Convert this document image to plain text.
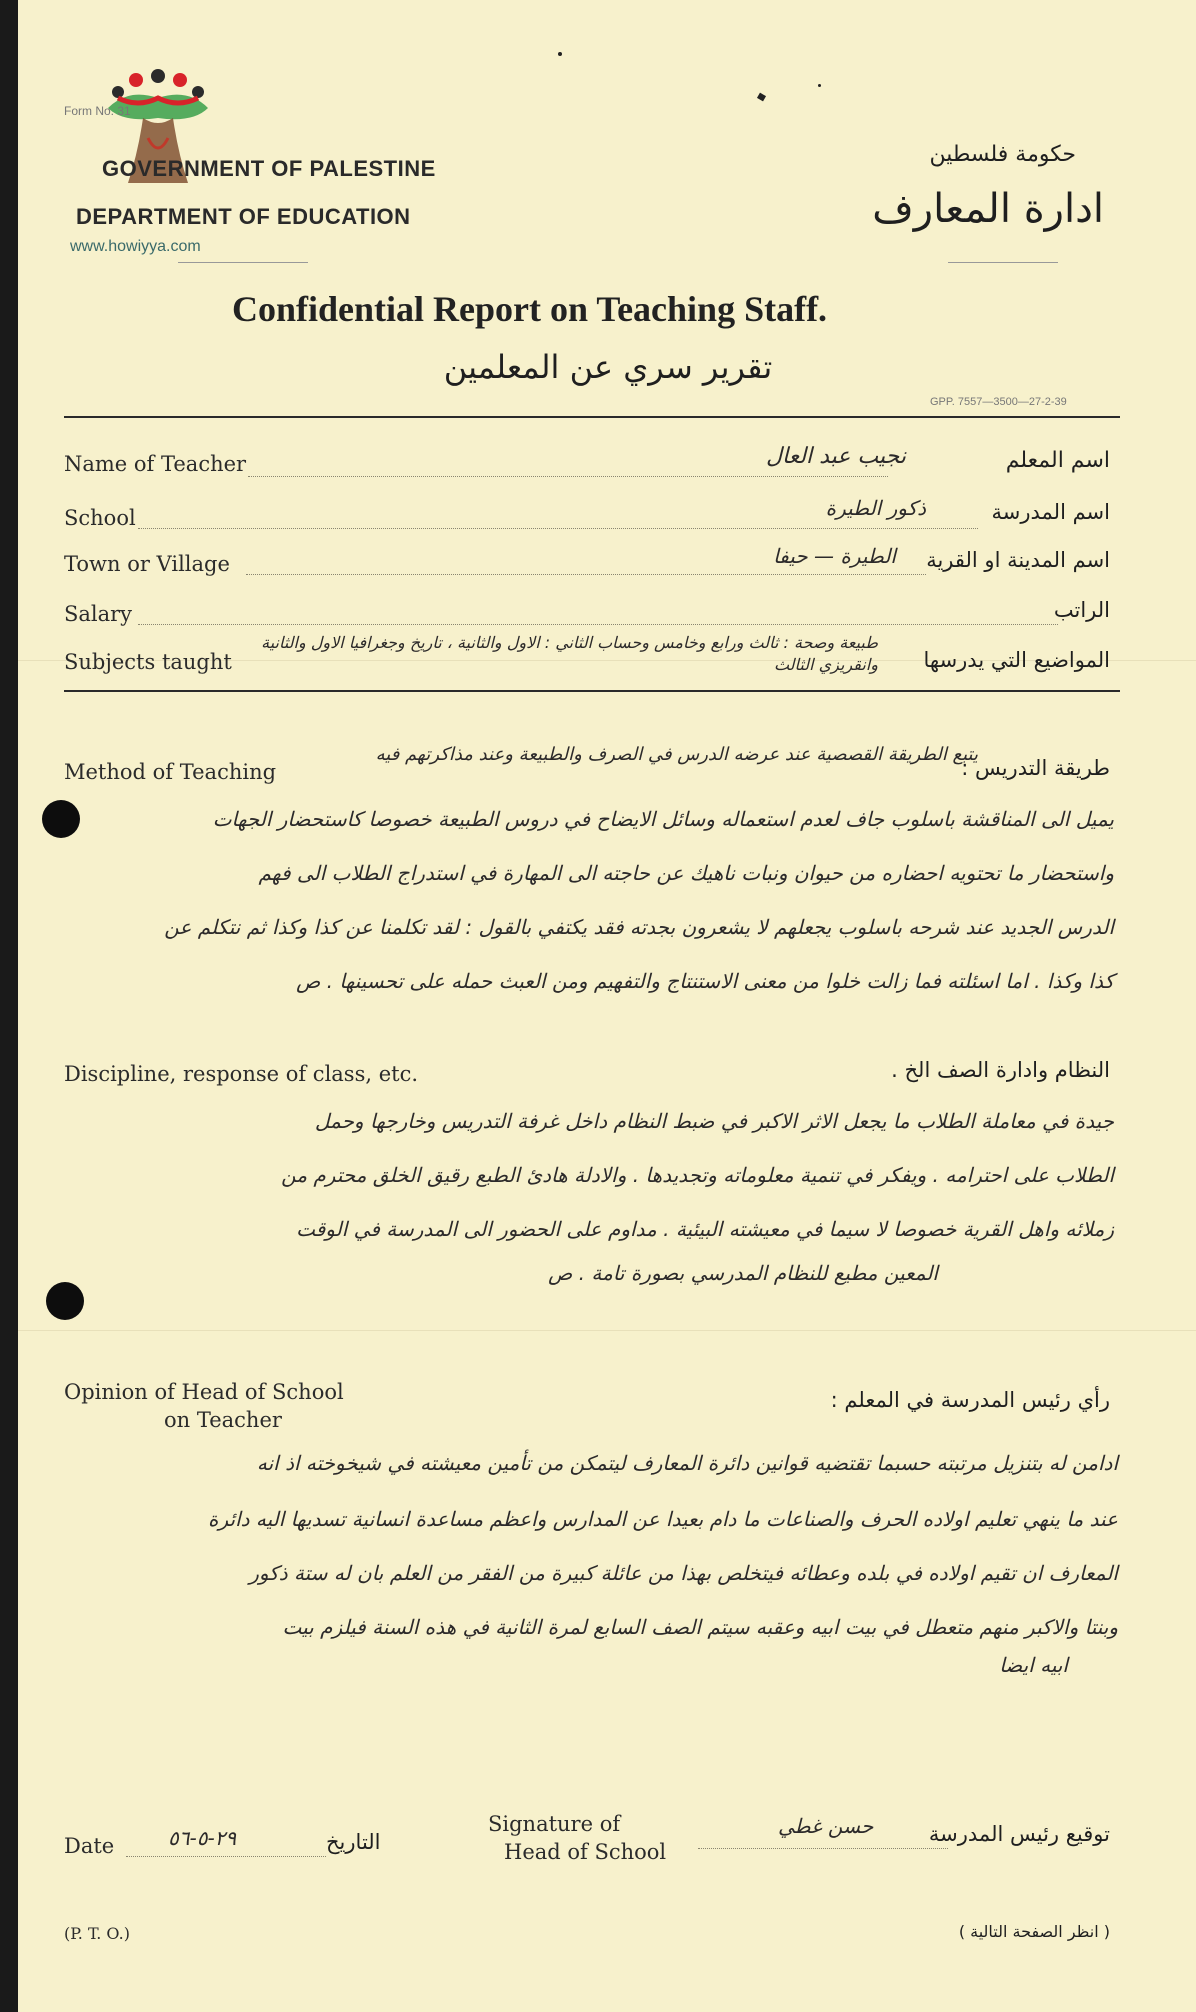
Form No. 31
GOVERNMENT OF PALESTINE
DEPARTMENT OF EDUCATION
www.howiyya.com
حكومة فلسطين
ادارة المعارف
Confidential Report on Teaching Staff.
تقرير سري عن المعلمين
GPP. 7557—3500—27-2-39
Name of Teacher	نجيب عبد العال	اسم المعلم
School	ذكور الطيرة	اسم المدرسة
Town or Village	الطيرة — حيفا اسم المدينة او القرية
Salary	الراتب
Subjects taught	المواضيع التي يدرسها
طبيعة وصحة : ثالث ورابع وخامس وحساب الثاني : الاول والثانية ، تاريخ وجغرافيا الاول والثانية وانقريزي الثالث
Method of Teaching	طريقة التدريس :
يتبع الطريقة القصصية عند عرضه الدرس في الصرف والطبيعة وعند مذاكرتهم فيه
يميل الى المناقشة باسلوب جاف لعدم استعماله وسائل الايضاح في دروس الطبيعة خصوصا كاستحضار الجهات
واستحضار ما تحتويه احضاره من حيوان ونبات ناهيك عن حاجته الى المهارة في استدراج الطلاب الى فهم
الدرس الجديد عند شرحه باسلوب يجعلهم لا يشعرون بجدته فقد يكتفي بالقول : لقد تكلمنا عن كذا وكذا ثم نتكلم عن
كذا وكذا . اما اسئلته فما زالت خلوا من معنى الاستنتاج والتفهيم ومن العبث حمله على تحسينها . ص
Discipline, response of class, etc.	النظام وادارة الصف الخ .
جيدة في معاملة الطلاب ما يجعل الاثر الاكبر في ضبط النظام داخل غرفة التدريس وخارجها وحمل
الطلاب على احترامه . ويفكر في تنمية معلوماته وتجديدها . والادلة هادئ الطبع رقيق الخلق محترم من
زملائه واهل القرية خصوصا لا سيما في معيشته البيئية . مداوم على الحضور الى المدرسة في الوقت
المعين مطيع للنظام المدرسي بصورة تامة . ص
Opinion of Head of School
on Teacher
رأي رئيس المدرسة في المعلم :
ادامن له بتنزيل مرتبته حسبما تقتضيه قوانين دائرة المعارف ليتمكن من تأمين معيشته في شيخوخته اذ انه
عند ما ينهي تعليم اولاده الحرف والصناعات ما دام بعيدا عن المدارس واعظم مساعدة انسانية تسديها اليه دائرة
المعارف ان تقيم اولاده في بلده وعطائه فيتخلص بهذا من عائلة كبيرة من الفقر من العلم بان له ستة ذكور
وبنتا والاكبر منهم متعطل في بيت ابيه وعقبه سيتم الصف السابع لمرة الثانية في هذه السنة فيلزم بيت
ابيه ايضا
Date	٢٩-٥-٥٦	التاريخ
Signature of
Head of School
حسن غطي	توقيع رئيس المدرسة
(P. T. O.)	( انظر الصفحة التالية )
